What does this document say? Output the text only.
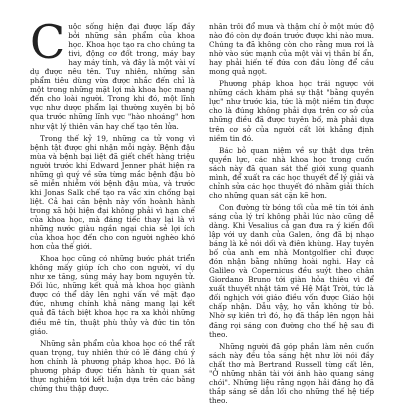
Cuộc sống hiện đại được lấp đầy bởi những sản phẩm của khoa học. Khoa học tạo ra cho chúng ta tivi, động cơ đốt trong, máy bay hay máy tính, và đây là một vài ví dụ được nêu tên. Tuy nhiên, những sản phẩm tiêu dùng vừa được nhắc đến chỉ là một trong những mặt lợi mà khoa học mang đến cho loài người. Trong khi đó, một lĩnh vực như dược phẩm lại thường xuyên bị bỏ qua trước những lĩnh vực "hào nhoáng" hơn như vật lý thiên văn hay chế tạo tên lửa.

Trong thế kỷ 19, những ca tử vong vì bệnh tật được ghi nhận mỗi ngày. Bệnh đậu mùa và bệnh bại liệt đã giết chết hàng triệu người trước khi Edward Jenner phát hiện ra những gì quý về sữa từng mắc bệnh đậu bò sẽ miễn nhiễm với bệnh đậu mùa, và trước khi Jonas Salk chế tạo ra vắc xin chống bại liệt. Cả hai căn bệnh này vốn hoành hành trong xã hội hiện đại không phải vì hạn chế của khoa học, mà đáng tiếc thay lại là vì những nước giàu ngần ngại chia sẻ lợi ích của khoa học đến cho con người nghèo khó hơn của thế giới.

Khoa học cũng có những bước phát triển không mấy giúp ích cho con người, ví dụ như xe tăng, súng máy hay bom nguyên tử. Đối lúc, những kết quả mà khoa học giành được có thể dây lên nghi vấn về mặt đạo đức, nhưng chính khả năng mang lại kết quả đã tách biệt khoa học ra xa khỏi những điều mê tín, thuật phù thủy và đức tin tôn giáo.

Những sản phẩm của khoa học có thể rất quan trọng, tuy nhiên thứ có lẽ đáng chú ý hơn chính là phương pháp khoa học. Đó là phương pháp được tiến hành từ quan sát thực nghiệm tới kết luận dựa trên các bằng chứng thu thập được.

nhân trôi đổ mưa và thậm chí ở một mức độ nào đó còn dự đoán trước được khi nào mưa. Chúng ta đã không còn cho rằng mưa rơi là nhờ vào sức mạnh của một vài vị thần bí ẩn, hay phải hiến tế đứa con đầu lòng để cầu mong quả ngọt.

Phương pháp khoa học trái ngược với những cách khám phá sự thật "bằng quyền lực" như trước kia, tức là một niềm tin được cho là đúng không phải dựa trên cơ sở của những điều đã được tuyên bố, mà phải dựa trên cơ sở của người cất lời khẳng định niềm tin đó.

Bác bỏ quan niệm về sự thật dựa trên quyền lực, các nhà khoa học trong cuốn sách này đã quan sát thế giới xung quanh mình, để xuất ra các học thuyết để lý giải và chỉnh sửa các học thuyết đó nhằm giải thích cho những quan sát cặn kẽ hơn.

Con đường từ bóng tối của mê tín tới ánh sáng của lý trí không phải lúc nào cũng dễ dàng. Khi Vesalius cả gan đưa ra ý kiến đối lập với uy danh của Galen, ông đã bị nhạo báng là kẻ nói dối và điên khùng. Hay tuyên bố của anh em nhà Montgolfier chỉ được đón nhận bằng những hoài nghi. Hay cả Galileo và Copernicus đều suýt theo chân Giordano Bruno tới giàn hỏa thiêu vì để xuất thuyết nhật tâm về Hệ Mặt Trời, tức là đối nghịch với giáo điều vốn được Giáo hội chấp nhận. Dẫu vậy, họ vẫn không từ bỏ. Nhờ sự kiên trì đó, họ đã thắp lên ngọn hải đăng rọi sáng con đường cho thế hệ sau đi theo.

Những người đã góp phần làm nên cuốn sách này đều tỏa sáng hệt như lời nói đầy chất thơ mà Bertrand Russell từng cất lên, "Ở những nhân tài với ánh hào quang sáng chói". Những liệu rằng ngọn hải đăng họ đã thắp sáng sẽ dẫn lối cho những thế hệ tiếp theo.
